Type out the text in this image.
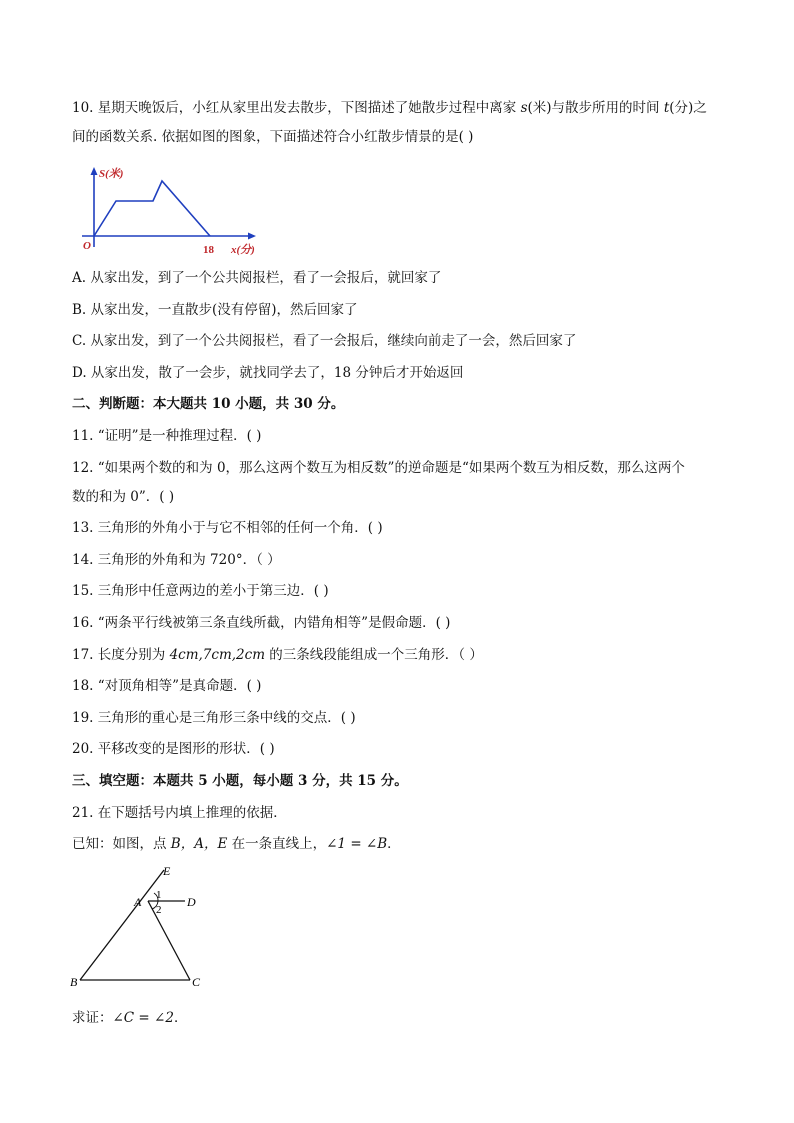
10. 星期天晚饭后，小红从家里出发去散步，下图描述了她散步过程中离家 s(米)与散步所用的时间 t(分)之
间的函数关系. 依据如图的图象，下面描述符合小红散步情景的是( )
S(米)
O	18 x(分)
A. 从家出发，到了一个公共阅报栏，看了一会报后，就回家了
B. 从家出发，一直散步(没有停留)，然后回家了
C. 从家出发，到了一个公共阅报栏，看了一会报后，继续向前走了一会，然后回家了
D. 从家出发，散了一会步，就找同学去了，18 分钟后才开始返回
二、判断题：本大题共 10 小题，共 30 分。
11. “证明”是一种推理过程．( )
12. “如果两个数的和为 0，那么这两个数互为相反数”的逆命题是“如果两个数互为相反数，那么这两个
数的和为 0”．( )
13. 三角形的外角小于与它不相邻的任何一个角．( )
14. 三角形的外角和为 720°．（ ）
15. 三角形中任意两边的差小于第三边．( )
16. “两条平行线被第三条直线所截，内错角相等”是假命题．( )
17. 长度分别为 4cm,7cm,2cm 的三条线段能组成一个三角形．（ ）
18. “对顶角相等”是真命题．( )
19. 三角形的重心是三角形三条中线的交点．( )
20. 平移改变的是图形的形状．( )
三、填空题：本题共 5 小题，每小题 3 分，共 15 分。
21. 在下题括号内填上推理的依据．
已知：如图，点 B，A，E 在一条直线上，∠1 = ∠B．
E
A	D
B	C
1
2
求证：∠C = ∠2．
